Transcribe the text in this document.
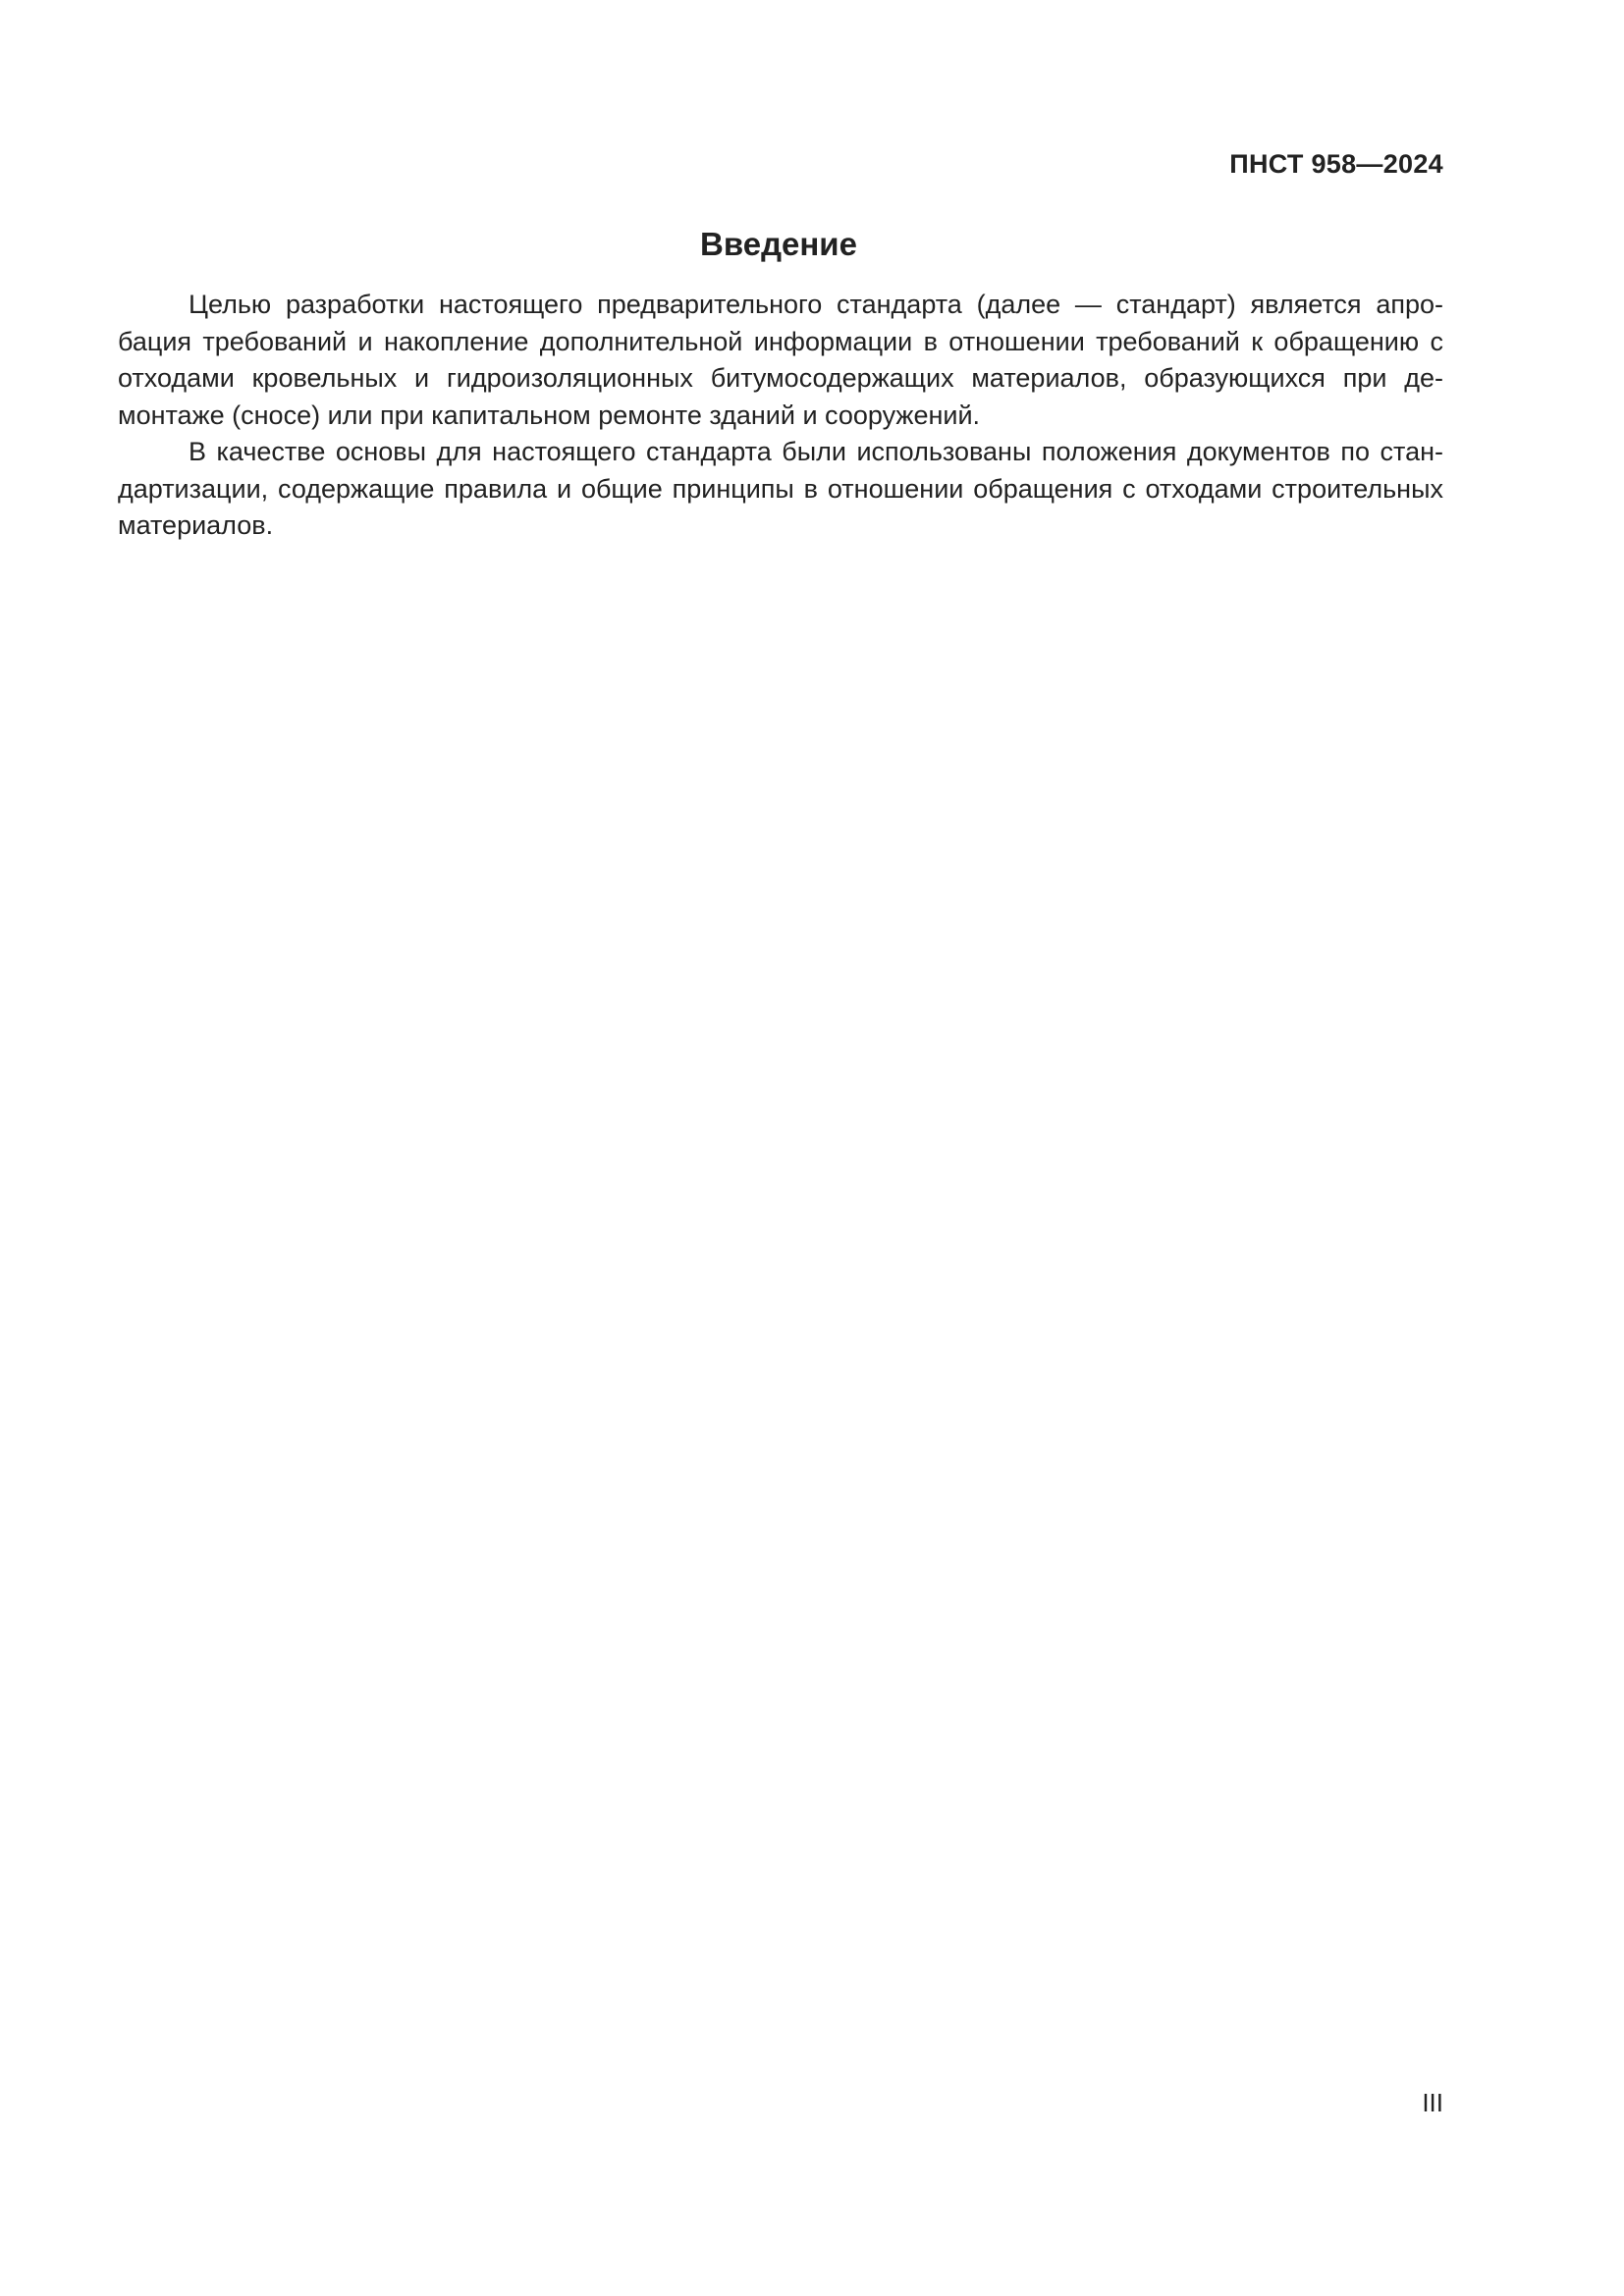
ПНСТ 958—2024
Введение

Целью разработки настоящего предварительного стандарта (далее — стандарт) является апробация требований и накопление дополнительной информации в отношении требований к обращению с отходами кровельных и гидроизоляционных битумосодержащих материалов, образующихся при демонтаже (сносе) или при капитальном ремонте зданий и сооружений.

В качестве основы для настоящего стандарта были использованы положения документов по стандартизации, содержащие правила и общие принципы в отношении обращения с отходами строительных материалов.

III
